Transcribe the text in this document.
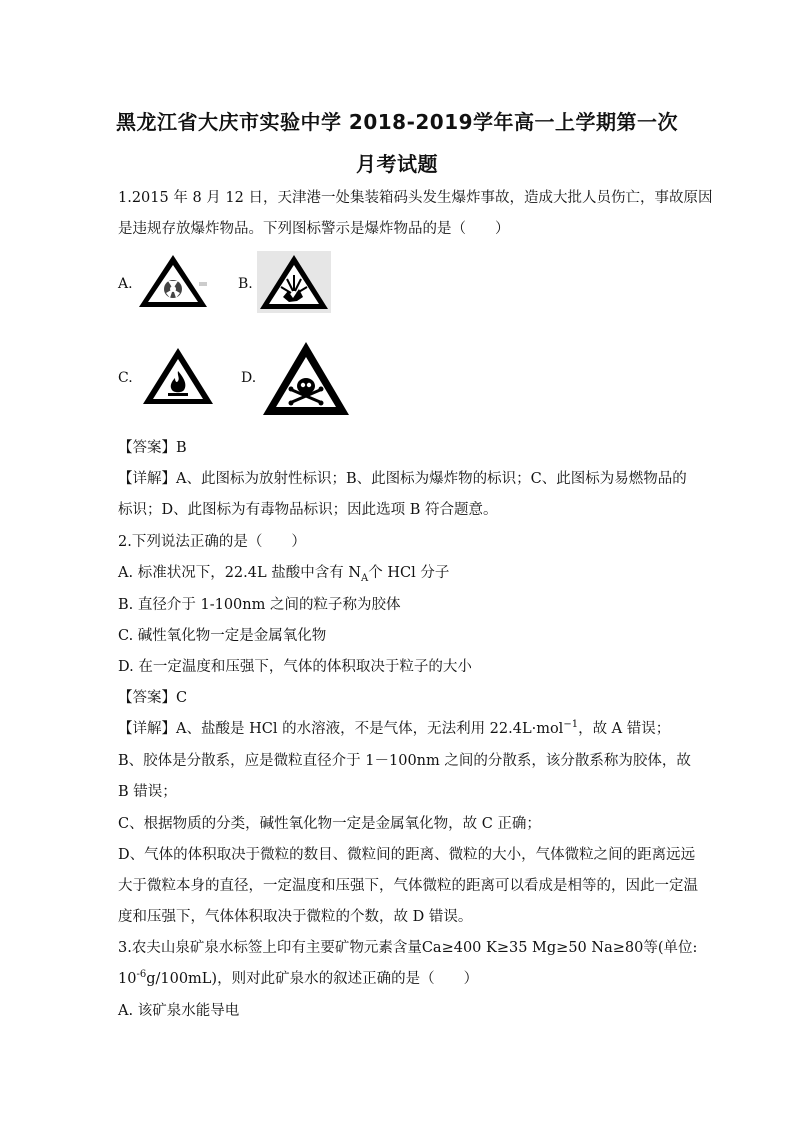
黑龙江省大庆市实验中学 2018-2019学年高一上学期第一次
月考试题
1.2015 年 8 月 12 日，天津港一处集装箱码头发生爆炸事故，造成大批人员伤亡，事故原因
是违规存放爆炸物品。下列图标警示是爆炸物品的是（　　）
A.	B.
C.	D.
【答案】B
【详解】A、此图标为放射性标识；B、此图标为爆炸物的标识；C、此图标为易燃物品的
标识；D、此图标为有毒物品标识；因此选项 B 符合题意。
2.下列说法正确的是（　　）
A. 标准状况下，22.4L 盐酸中含有 $N_A$个 HCl 分子
B. 直径介于 1-100nm 之间的粒子称为胶体
C. 碱性氧化物一定是金属氧化物
D. 在一定温度和压强下，气体的体积取决于粒子的大小
【答案】C
【详解】A、盐酸是 HCl 的水溶液，不是气体，无法利用 22.4L·mol$^{-1}$，故 A 错误；
B、胶体是分散系，应是微粒直径介于 1－100nm 之间的分散系，该分散系称为胶体，故
B 错误；
C、根据物质的分类，碱性氧化物一定是金属氧化物，故 C 正确；
D、气体的体积取决于微粒的数目、微粒间的距离、微粒的大小，气体微粒之间的距离远远
大于微粒本身的直径，一定温度和压强下，气体微粒的距离可以看成是相等的，因此一定温
度和压强下，气体体积取决于微粒的个数，故 D 错误。
3.农夫山泉矿泉水标签上印有主要矿物元素含量Ca≥400 K≥35 Mg≥50 Na≥80等(单位:
$10^{-6}g/100mL$)，则对此矿泉水的叙述正确的是（　　）
A. 该矿泉水能导电
